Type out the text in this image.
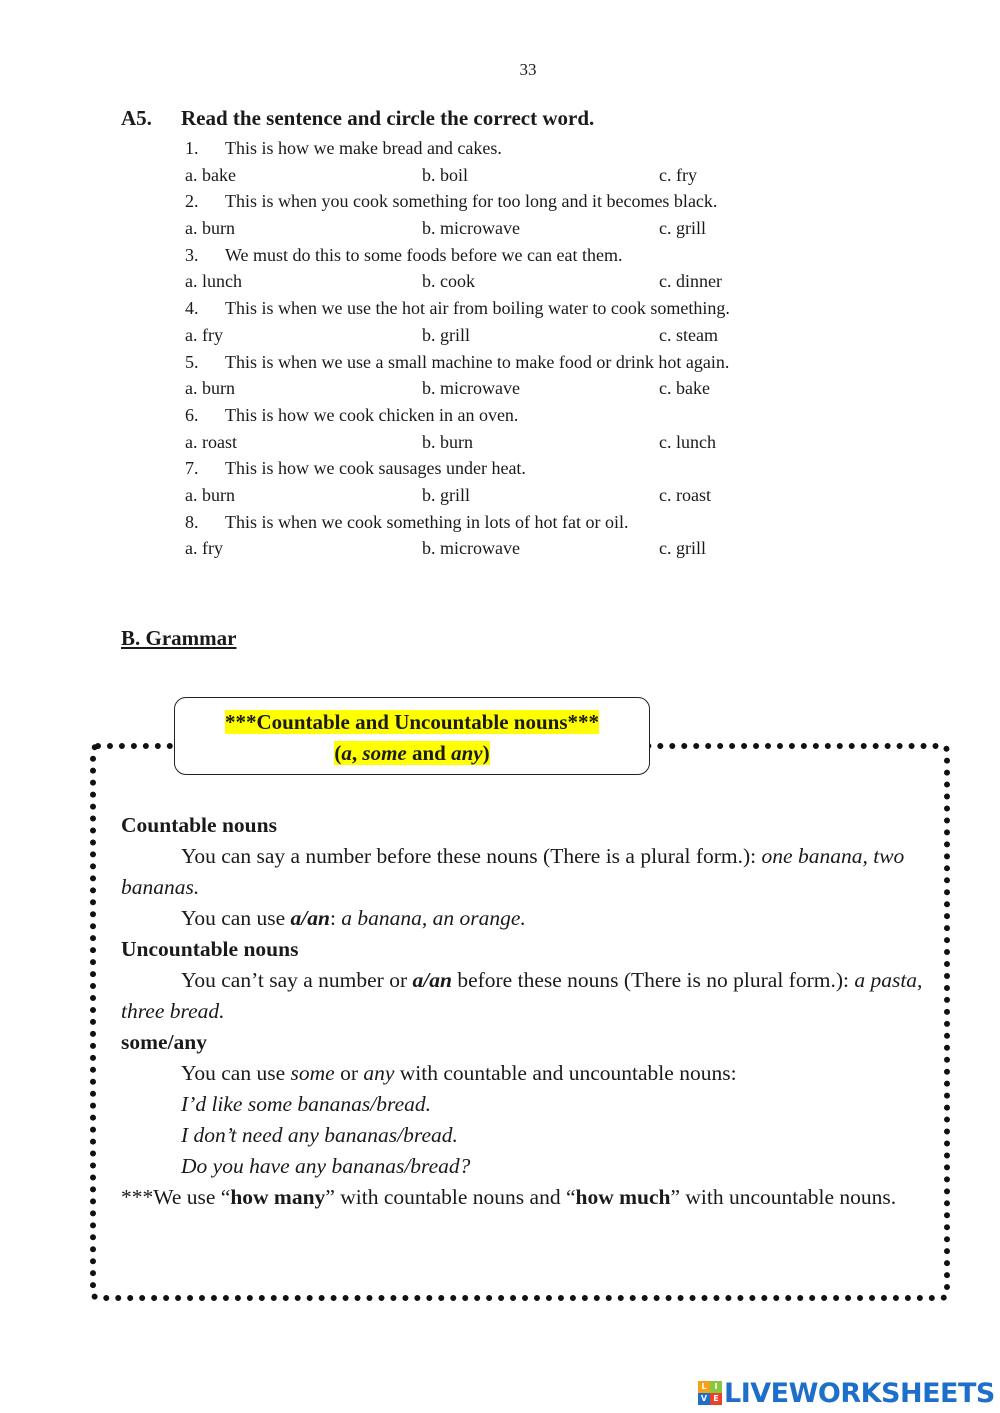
33
A5. Read the sentence and circle the correct word.
1. This is how we make bread and cakes.
a. bake	b. boil	c. fry
2. This is when you cook something for too long and it becomes black.
a. burn	b. microwave	c. grill
3. We must do this to some foods before we can eat them.
a. lunch	b. cook	c. dinner
4. This is when we use the hot air from boiling water to cook something.
a. fry	b. grill	c. steam
5. This is when we use a small machine to make food or drink hot again.
a. burn	b. microwave	c. bake
6. This is how we cook chicken in an oven.
a. roast	b. burn	c. lunch
7. This is how we cook sausages under heat.
a. burn	b. grill	c. roast
8. This is when we cook something in lots of hot fat or oil.
a. fry	b. microwave	c. grill
B. Grammar
***Countable and Uncountable nouns***
(a, some and any)

Countable nouns

You can say a number before these nouns (There is a plural form.): one banana, two bananas.

You can use a/an: a banana, an orange.

Uncountable nouns

You can’t say a number or a/an before these nouns (There is no plural form.): a pasta, three bread.

some/any

You can use some or any with countable and uncountable nouns:

I’d like some bananas/bread.

I don’t need any bananas/bread.

Do you have any bananas/bread?

***We use “how many” with countable nouns and “how much” with uncountable nouns.

L I
V E LIVEWORKSHEETS
